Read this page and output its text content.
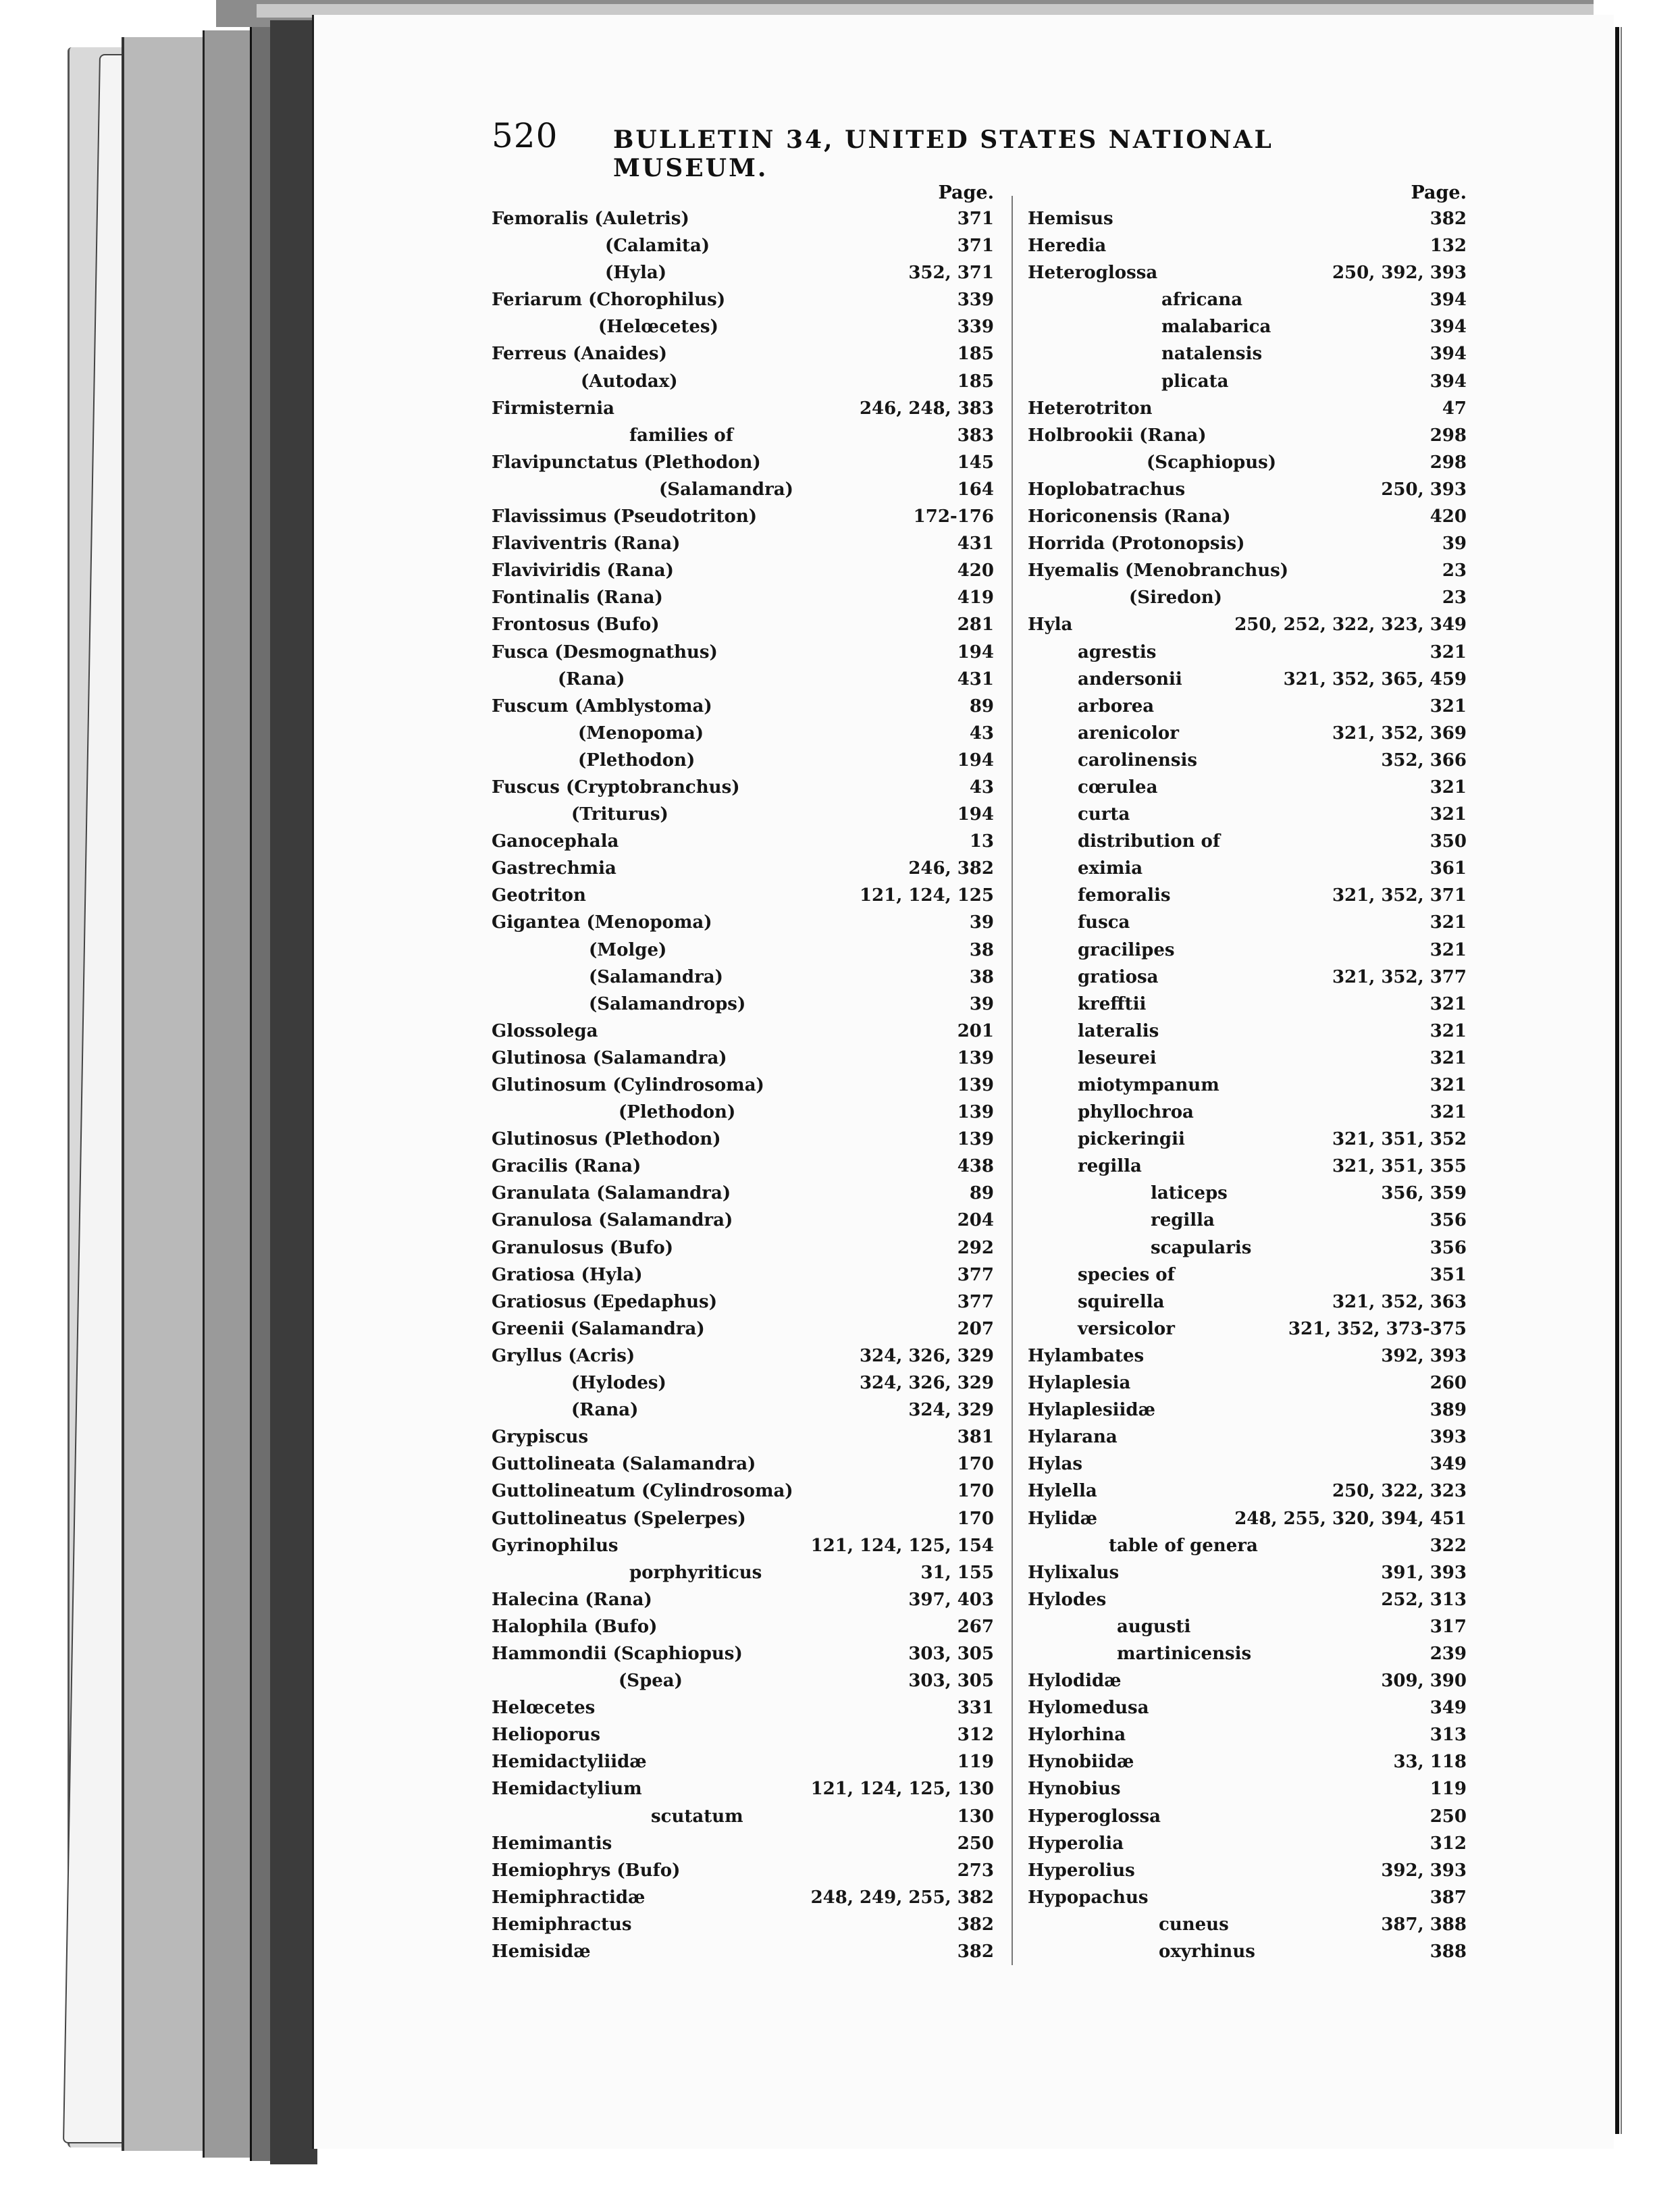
520 BULLETIN 34, UNITED STATES NATIONAL MUSEUM.
Page.
Femoralis (Auletris)	371
(Calamita)	371
(Hyla)	352, 371
Feriarum (Chorophilus)	339
(Helœcetes)	339
Ferreus (Anaides)	185
(Autodax)	185
Firmisternia	246, 248, 383
families of	383
Flavipunctatus (Plethodon)	145
(Salamandra)	164
Flavissimus (Pseudotriton)	172-176
Flaviventris (Rana)	431
Flaviviridis (Rana)	420
Fontinalis (Rana)	419
Frontosus (Bufo)	281
Fusca (Desmognathus)	194
(Rana)	431
Fuscum (Amblystoma)	89
(Menopoma)	43
(Plethodon)	194
Fuscus (Cryptobranchus)	43
(Triturus)	194
Ganocephala	13
Gastrechmia	246, 382
Geotriton	121, 124, 125
Gigantea (Menopoma)	39
(Molge)	38
(Salamandra)	38
(Salamandrops)	39
Glossolega	201
Glutinosa (Salamandra)	139
Glutinosum (Cylindrosoma)	139
(Plethodon)	139
Glutinosus (Plethodon)	139
Gracilis (Rana)	438
Granulata (Salamandra)	89
Granulosa (Salamandra)	204
Granulosus (Bufo)	292
Gratiosa (Hyla)	377
Gratiosus (Epedaphus)	377
Greenii (Salamandra)	207
Gryllus (Acris)	324, 326, 329
(Hylodes)	324, 326, 329
(Rana)	324, 329
Grypiscus	381
Guttolineata (Salamandra)	170
Guttolineatum (Cylindrosoma)	170
Guttolineatus (Spelerpes)	170
Gyrinophilus	121, 124, 125, 154
porphyriticus	31, 155
Halecina (Rana)	397, 403
Halophila (Bufo)	267
Hammondii (Scaphiopus)	303, 305
(Spea)	303, 305
Helœcetes	331
Helioporus	312
Hemidactyliidæ	119
Hemidactylium	121, 124, 125, 130
scutatum	130
Hemimantis	250
Hemiophrys (Bufo)	273
Hemiphractidæ	248, 249, 255, 382
Hemiphractus	382
Hemisidæ	382
Page.
Hemisus	382
Heredia	132
Heteroglossa	250, 392, 393
africana	394
malabarica	394
natalensis	394
plicata	394
Heterotriton	47
Holbrookii (Rana)	298
(Scaphiopus)	298
Hoplobatrachus	250, 393
Horiconensis (Rana)	420
Horrida (Protonopsis)	39
Hyemalis (Menobranchus)	23
(Siredon)	23
Hyla	250, 252, 322, 323, 349
agrestis	321
andersonii	321, 352, 365, 459
arborea	321
arenicolor	321, 352, 369
carolinensis	352, 366
cœrulea	321
curta	321
distribution of	350
eximia	361
femoralis	321, 352, 371
fusca	321
gracilipes	321
gratiosa	321, 352, 377
krefftii	321
lateralis	321
leseurei	321
miotympanum	321
phyllochroa	321
pickeringii	321, 351, 352
regilla	321, 351, 355
laticeps	356, 359
regilla	356
scapularis	356
species of	351
squirella	321, 352, 363
versicolor	321, 352, 373-375
Hylambates	392, 393
Hylaplesia	260
Hylaplesiidæ	389
Hylarana	393
Hylas	349
Hylella	250, 322, 323
Hylidæ	248, 255, 320, 394, 451
table of genera	322
Hylixalus	391, 393
Hylodes	252, 313
augusti	317
martinicensis	239
Hylodidæ	309, 390
Hylomedusa	349
Hylorhina	313
Hynobiidæ	33, 118
Hynobius	119
Hyperoglossa	250
Hyperolia	312
Hyperolius	392, 393
Hypopachus	387
cuneus	387, 388
oxyrhinus	388
